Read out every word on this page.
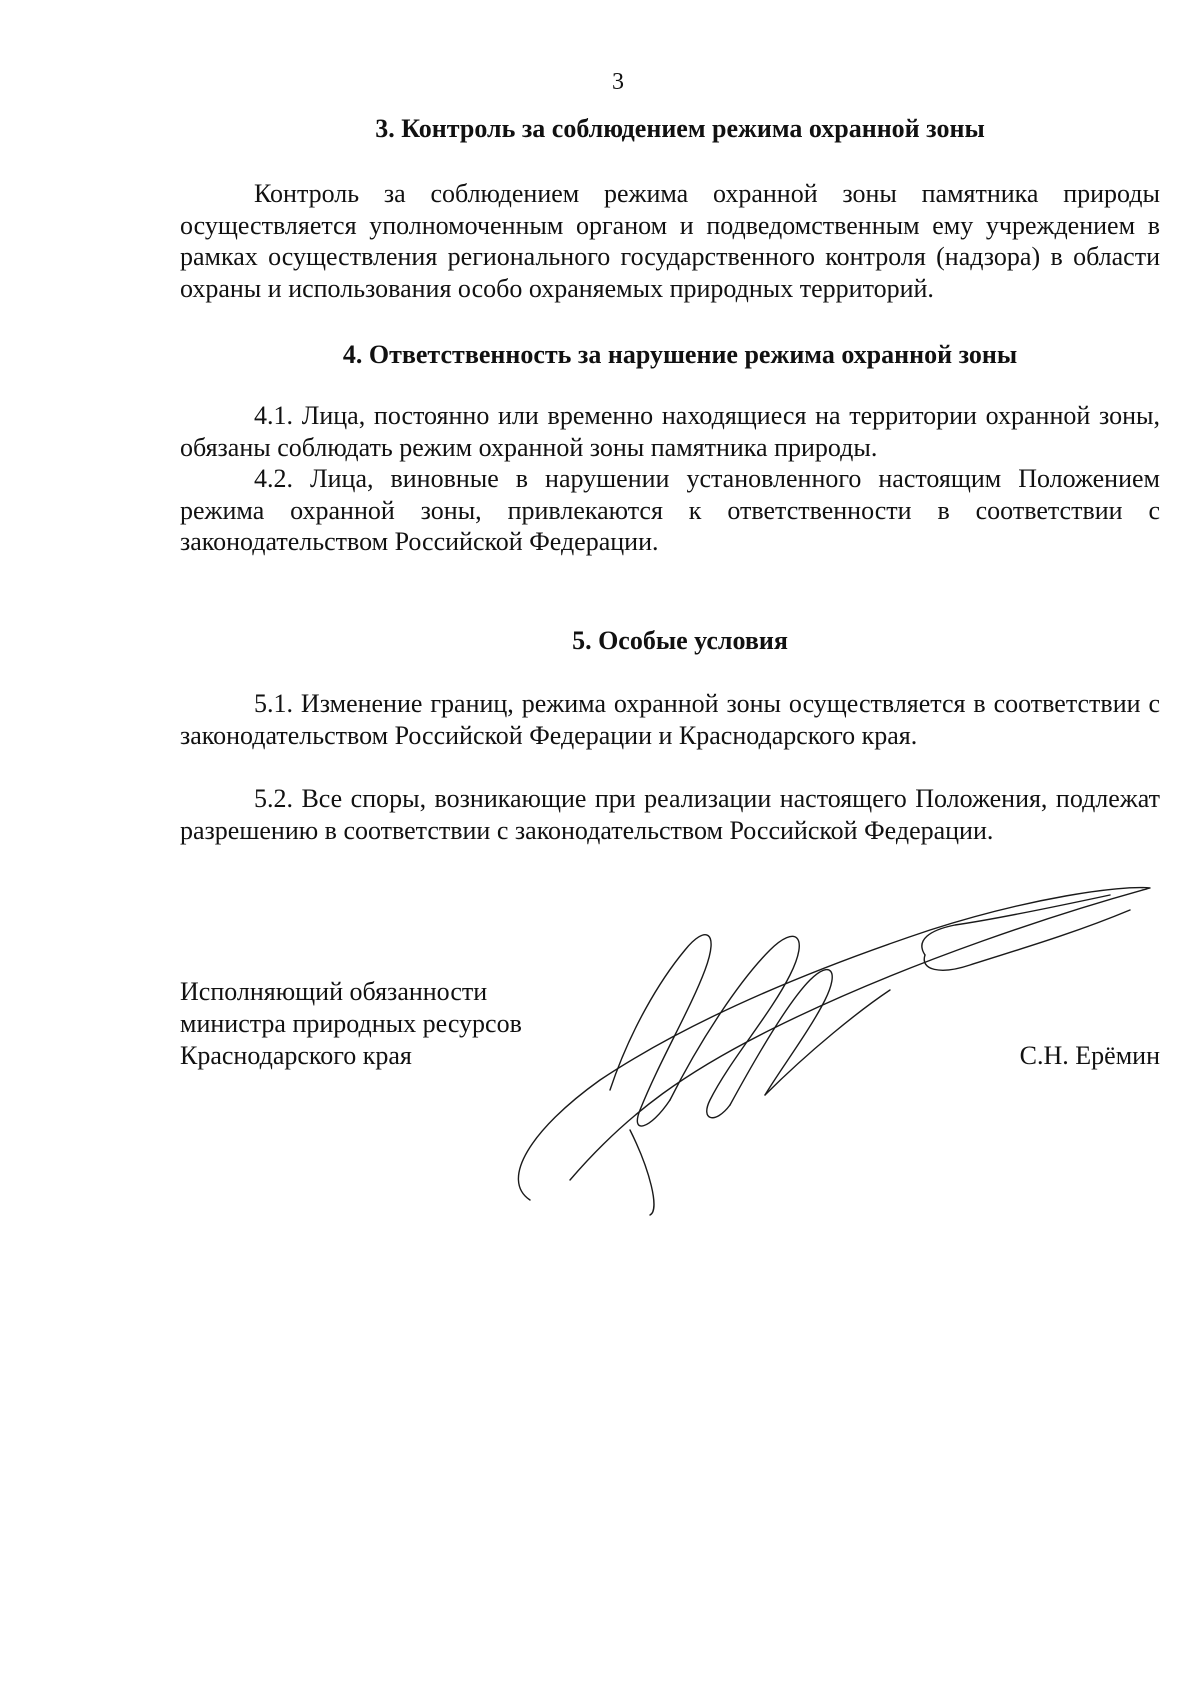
3
3. Контроль за соблюдением режима охранной зоны
Контроль за соблюдением режима охранной зоны памятника природы осуществляется уполномоченным органом и подведомственным ему учреждением в рамках осуществления регионального государственного контроля (надзора) в области охраны и использования особо охраняемых природных территорий.
4. Ответственность за нарушение режима охранной зоны
4.1. Лица, постоянно или временно находящиеся на территории охранной зоны, обязаны соблюдать режим охранной зоны памятника природы.
4.2. Лица, виновные в нарушении установленного настоящим Положением режима охранной зоны, привлекаются к ответственности в соответствии с законодательством Российской Федерации.
5. Особые условия
5.1. Изменение границ, режима охранной зоны осуществляется в соответствии с законодательством Российской Федерации и Краснодарского края.
5.2. Все споры, возникающие при реализации настоящего Положения, подлежат разрешению в соответствии с законодательством Российской Федерации.
Исполняющий обязанности
министра природных ресурсов
Краснодарского края	С.Н. Ерёмин
